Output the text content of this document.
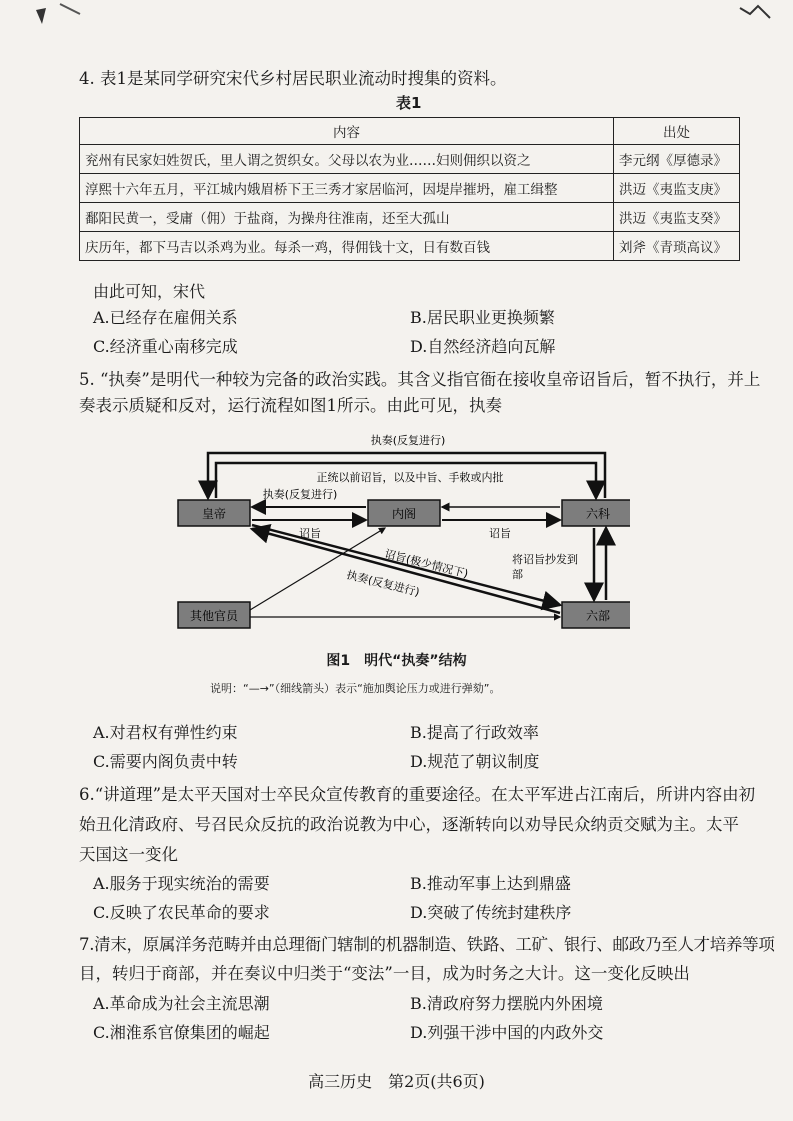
4. 表1是某同学研究宋代乡村居民职业流动时搜集的资料。
表1
内容	出处
兖州有民家妇姓贺氏，里人谓之贺织女。父母以农为业……妇则佣织以资之	李元纲《厚德录》
淳熙十六年五月，平江城内娥眉桥下王三秀才家居临河，因堤岸摧坍，雇工缉整	洪迈《夷监支庚》
鄱阳民黄一，受庸（佣）于盐商，为操舟往淮南，还至大孤山	洪迈《夷监支癸》
庆历年，都下马吉以杀鸡为业。每杀一鸡，得佣钱十文，日有数百钱	刘斧《青琐高议》
由此可知，宋代
A.已经存在雇佣关系	B.居民职业更换频繁
C.经济重心南移完成	D.自然经济趋向瓦解
5. “执奏”是明代一种较为完备的政治实践。其含义指官衙在接收皇帝诏旨后，暂不执行，并上
奏表示质疑和反对，运行流程如图1所示。由此可见，执奏
执奏(反复进行)
正统以前诏旨，以及中旨、手敕或内批
皇帝	内阁	六科
其他官员	六部
执奏(反复进行)
诏旨	诏旨
将诏旨抄发到
部
诏旨(极少情况下)
执奏(反复进行)
图1　明代“执奏”结构
说明：“—→”（细线箭头）表示“施加舆论压力或进行弹劾”。
A.对君权有弹性约束	B.提高了行政效率
C.需要内阁负责中转	D.规范了朝议制度
6.“讲道理”是太平天国对士卒民众宣传教育的重要途径。在太平军进占江南后，所讲内容由初
始丑化清政府、号召民众反抗的政治说教为中心，逐渐转向以劝导民众纳贡交赋为主。太平
天国这一变化
A.服务于现实统治的需要	B.推动军事上达到鼎盛
C.反映了农民革命的要求	D.突破了传统封建秩序
7.清末，原属洋务范畴并由总理衙门辖制的机器制造、铁路、工矿、银行、邮政乃至人才培养等项
目，转归于商部，并在奏议中归类于“变法”一目，成为时务之大计。这一变化反映出
A.革命成为社会主流思潮	B.清政府努力摆脱内外困境
C.湘淮系官僚集团的崛起	D.列强干涉中国的内政外交
高三历史　第2页(共6页)
